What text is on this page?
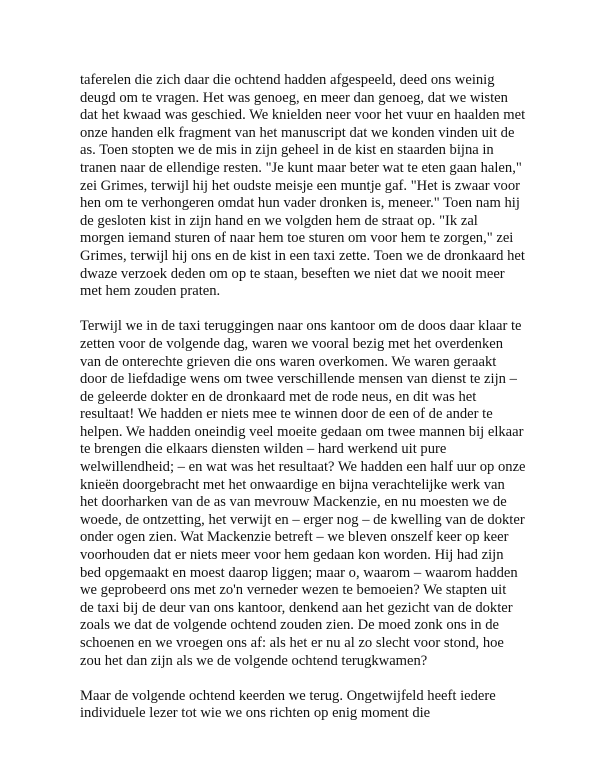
taferelen die zich daar die ochtend hadden afgespeeld, deed ons weinig
deugd om te vragen. Het was genoeg, en meer dan genoeg, dat we wisten
dat het kwaad was geschied. We knielden neer voor het vuur en haalden met
onze handen elk fragment van het manuscript dat we konden vinden uit de
as. Toen stopten we de mis in zijn geheel in de kist en staarden bijna in
tranen naar de ellendige resten. "Je kunt maar beter wat te eten gaan halen,"
zei Grimes, terwijl hij het oudste meisje een muntje gaf. "Het is zwaar voor
hen om te verhongeren omdat hun vader dronken is, meneer." Toen nam hij
de gesloten kist in zijn hand en we volgden hem de straat op. "Ik zal
morgen iemand sturen of naar hem toe sturen om voor hem te zorgen," zei
Grimes, terwijl hij ons en de kist in een taxi zette. Toen we de dronkaard het
dwaze verzoek deden om op te staan, beseften we niet dat we nooit meer
met hem zouden praten.

Terwijl we in de taxi teruggingen naar ons kantoor om de doos daar klaar te
zetten voor de volgende dag, waren we vooral bezig met het overdenken
van de onterechte grieven die ons waren overkomen. We waren geraakt
door de liefdadige wens om twee verschillende mensen van dienst te zijn –
de geleerde dokter en de dronkaard met de rode neus, en dit was het
resultaat! We hadden er niets mee te winnen door de een of de ander te
helpen. We hadden oneindig veel moeite gedaan om twee mannen bij elkaar
te brengen die elkaars diensten wilden – hard werkend uit pure
welwillendheid; – en wat was het resultaat? We hadden een half uur op onze
knieën doorgebracht met het onwaardige en bijna verachtelijke werk van
het doorharken van de as van mevrouw Mackenzie, en nu moesten we de
woede, de ontzetting, het verwijt en – erger nog – de kwelling van de dokter
onder ogen zien. Wat Mackenzie betreft – we bleven onszelf keer op keer
voorhouden dat er niets meer voor hem gedaan kon worden. Hij had zijn
bed opgemaakt en moest daarop liggen; maar o, waarom – waarom hadden
we geprobeerd ons met zo'n verneder wezen te bemoeien? We stapten uit
de taxi bij de deur van ons kantoor, denkend aan het gezicht van de dokter
zoals we dat de volgende ochtend zouden zien. De moed zonk ons in de
schoenen en we vroegen ons af: als het er nu al zo slecht voor stond, hoe
zou het dan zijn als we de volgende ochtend terugkwamen?

Maar de volgende ochtend keerden we terug. Ongetwijfeld heeft iedere
individuele lezer tot wie we ons richten op enig moment die
